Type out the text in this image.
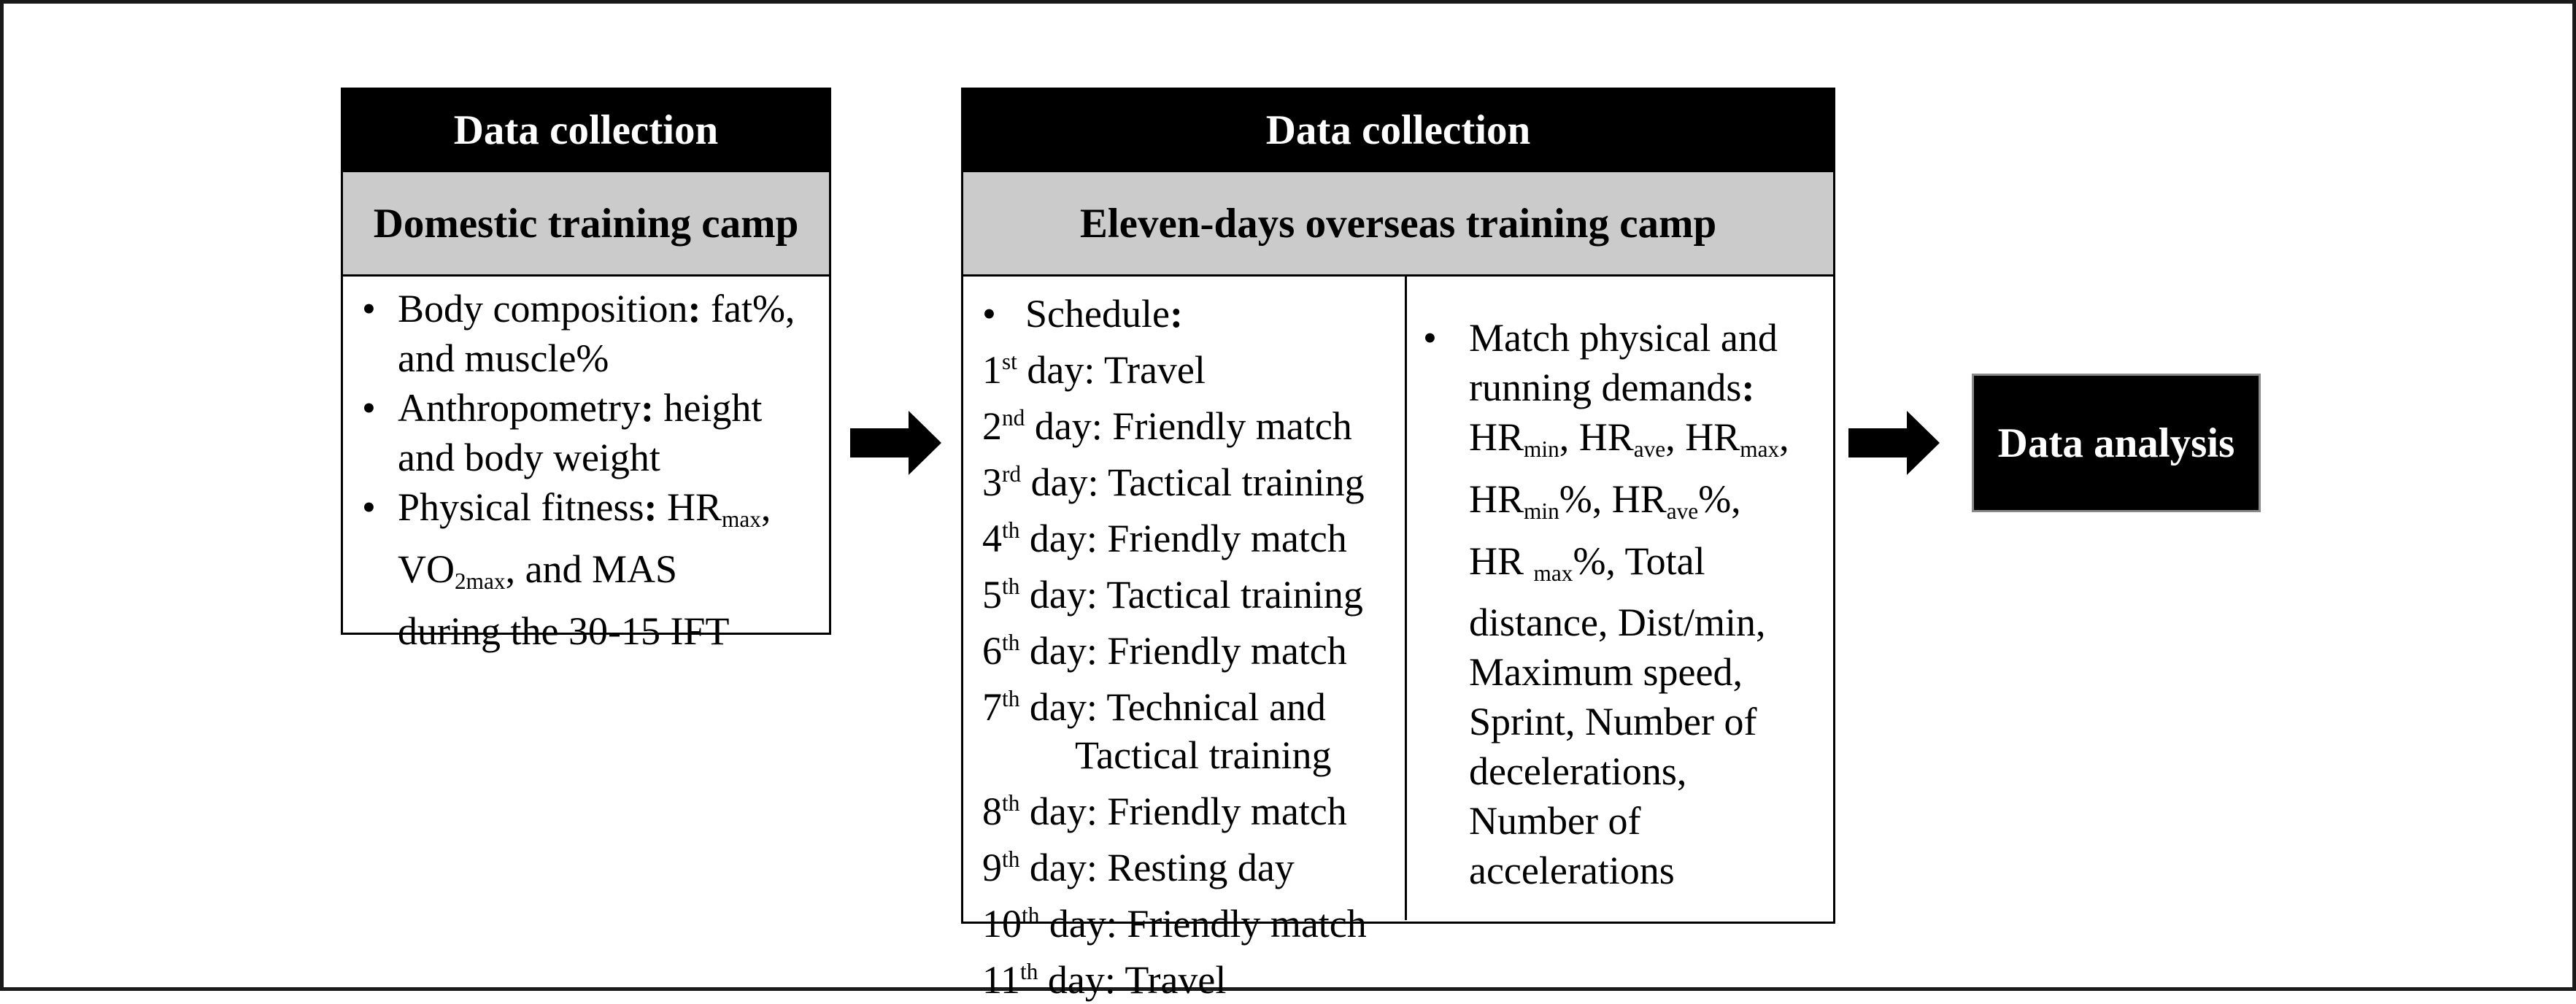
Data collection
Domestic training camp
• Body composition: fat%,
and muscle%
• Anthropometry: height
and body weight
• Physical fitness: HRmax,
VO2max, and MAS
during the 30-15 IFT
Data collection
Eleven-days overseas training camp
• Schedule:
1st day: Travel
2nd day: Friendly match
3rd day: Tactical training
4th day: Friendly match
5th day: Tactical training
6th day: Friendly match
7th day: Technical and
Tactical training
8th day: Friendly match
9th day: Resting day
10th day: Friendly match
11th day: Travel
• Match physical and
running demands:
HRmin, HRave, HRmax,
HRmin%, HRave%,
HR max%, Total
distance, Dist/min,
Maximum speed,
Sprint, Number of
decelerations,
Number of
accelerations
Data analysis
